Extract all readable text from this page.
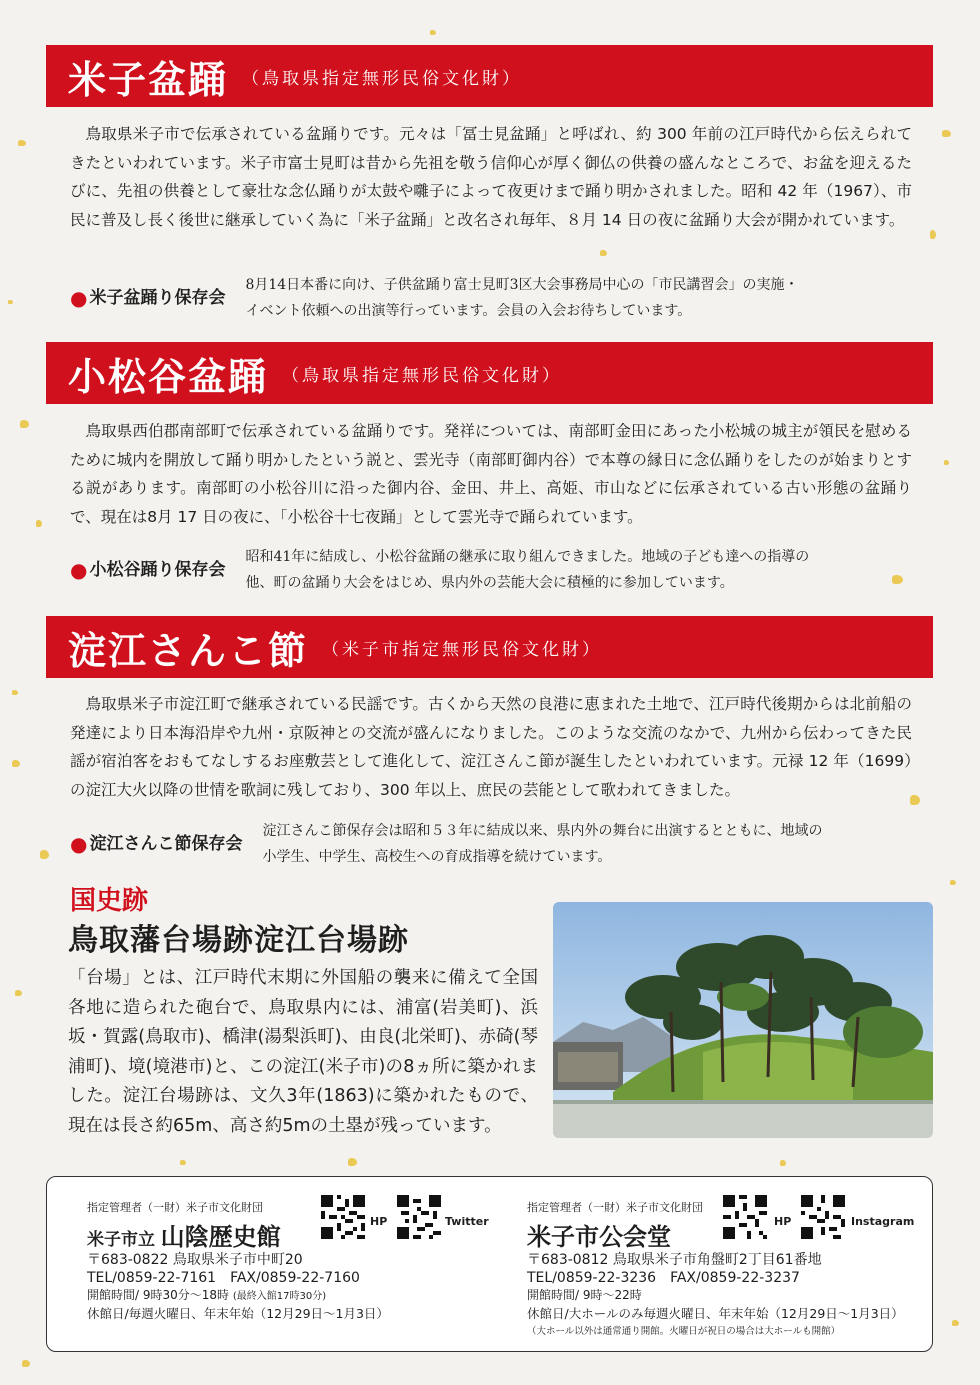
米子盆踊 （鳥取県指定無形民俗文化財）

鳥取県米子市で伝承されている盆踊りです。元々は「冨士見盆踊」と呼ばれ、約 300 年前の江戸時代から伝えられてきたといわれています。米子市富士見町は昔から先祖を敬う信仰心が厚く御仏の供養の盛んなところで、お盆を迎えるたびに、先祖の供養として豪壮な念仏踊りが太鼓や囃子によって夜更けまで踊り明かされました。昭和 42 年（1967）、市民に普及し長く後世に継承していく為に「米子盆踊」と改名され毎年、８月 14 日の夜に盆踊り大会が開かれています。

● 米子盆踊り保存会
8月14日本番に向け、子供盆踊り富士見町3区大会事務局中心の「市民講習会」の実施・
イベント依頼への出演等行っています。会員の入会お待ちしています。
小松谷盆踊 （鳥取県指定無形民俗文化財）

鳥取県西伯郡南部町で伝承されている盆踊りです。発祥については、南部町金田にあった小松城の城主が領民を慰めるために城内を開放して踊り明かしたという説と、雲光寺（南部町御内谷）で本尊の縁日に念仏踊りをしたのが始まりとする説があります。南部町の小松谷川に沿った御内谷、金田、井上、高姫、市山などに伝承されている古い形態の盆踊りで、現在は8月 17 日の夜に、「小松谷十七夜踊」として雲光寺で踊られています。

● 小松谷踊り保存会
昭和41年に結成し、小松谷盆踊の継承に取り組んできました。地域の子ども達への指導の
他、町の盆踊り大会をはじめ、県内外の芸能大会に積極的に参加しています。
淀江さんこ節 （米子市指定無形民俗文化財）

鳥取県米子市淀江町で継承されている民謡です。古くから天然の良港に恵まれた土地で、江戸時代後期からは北前船の発達により日本海沿岸や九州・京阪神との交流が盛んになりました。このような交流のなかで、九州から伝わってきた民謡が宿泊客をおもてなしするお座敷芸として進化して、淀江さんこ節が誕生したといわれています。元禄 12 年（1699）の淀江大火以降の世情を歌詞に残しており、300 年以上、庶民の芸能として歌われてきました。

● 淀江さんこ節保存会
淀江さんこ節保存会は昭和５３年に結成以来、県内外の舞台に出演するとともに、地域の
小学生、中学生、高校生への育成指導を続けています。
国史跡
鳥取藩台場跡淀江台場跡

「台場」とは、江戸時代末期に外国船の襲来に備えて全国各地に造られた砲台で、鳥取県内には、浦富(岩美町)、浜坂・賀露(鳥取市)、橋津(湯梨浜町)、由良(北栄町)、赤碕(琴浦町)、境(境港市)と、この淀江(米子市)の8ヵ所に築かれました。淀江台場跡は、文久3年(1863)に築かれたもので、現在は長さ約65m、高さ約5mの土塁が残っています。

指定管理者（一財）米子市文化財団
米子市立 山陰歴史館
HP	Twitter
〒683-0822 鳥取県米子市中町20
TEL/0859-22-7161　FAX/0859-22-7160
開館時間/ 9時30分〜18時 (最終入館17時30分)
休館日/毎週火曜日、年末年始（12月29日〜1月3日）
指定管理者（一財）米子市文化財団
米子市公会堂
HP	Instagram
〒683-0812 鳥取県米子市角盤町2丁目61番地
TEL/0859-22-3236　FAX/0859-22-3237
開館時間/ 9時〜22時
休館日/大ホールのみ毎週火曜日、年末年始（12月29日〜1月3日）
（大ホール以外は通常通り開館。火曜日が祝日の場合は大ホールも開館）
